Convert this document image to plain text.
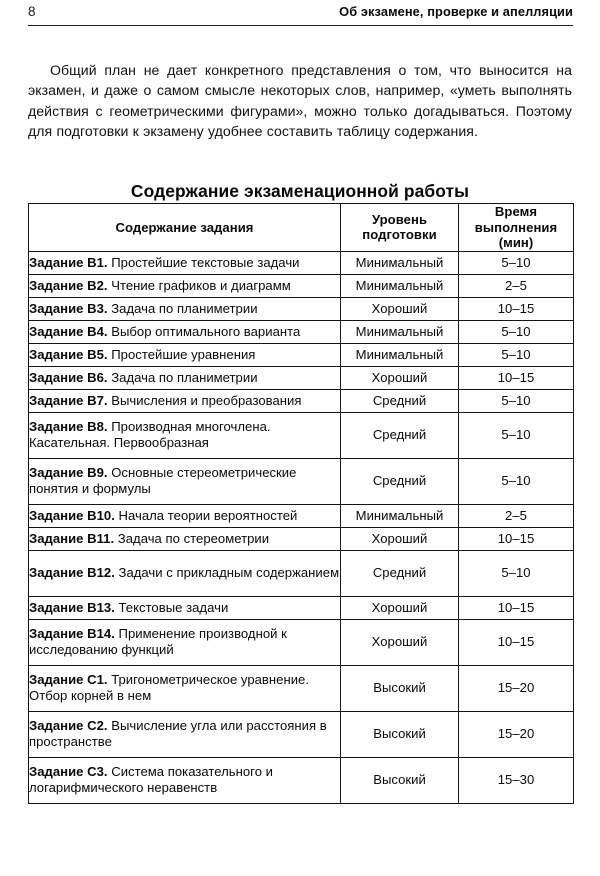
8	Об экзамене, проверке и апелляции

Общий план не дает конкретного представления о том, что выносится на экзамен, и даже о самом смысле некоторых слов, например, «уметь выполнять действия с геометрическими фигурами», можно только догадываться. Поэтому для подготовки к экзамену удобнее составить таблицу содержания.

Содержание экзаменационной работы
Содержание задания	Уровень подготовки	Время выполнения (мин)
Задание В1. Простейшие текстовые задачи	Минимальный	5–10
Задание В2. Чтение графиков и диаграмм	Минимальный	2–5
Задание В3. Задача по планиметрии	Хороший	10–15
Задание В4. Выбор оптимального варианта	Минимальный	5–10
Задание В5. Простейшие уравнения	Минимальный	5–10
Задание В6. Задача по планиметрии	Хороший	10–15
Задание В7. Вычисления и преобразования	Средний	5–10
Задание В8. Производная многочлена. Касательная. Первообразная	Средний	5–10
Задание В9. Основные стереометрические понятия и формулы	Средний	5–10
Задание В10. Начала теории вероятностей	Минимальный	2–5
Задание В11. Задача по стереометрии	Хороший	10–15
Задание В12. Задачи с прикладным содержанием	Средний	5–10
Задание В13. Текстовые задачи	Хороший	10–15
Задание В14. Применение производной к исследованию функций	Хороший	10–15
Задание С1. Тригонометрическое уравнение. Отбор корней в нем	Высокий	15–20
Задание С2. Вычисление угла или расстояния в пространстве	Высокий	15–20
Задание С3. Система показательного и логарифмического неравенств	Высокий	15–30
